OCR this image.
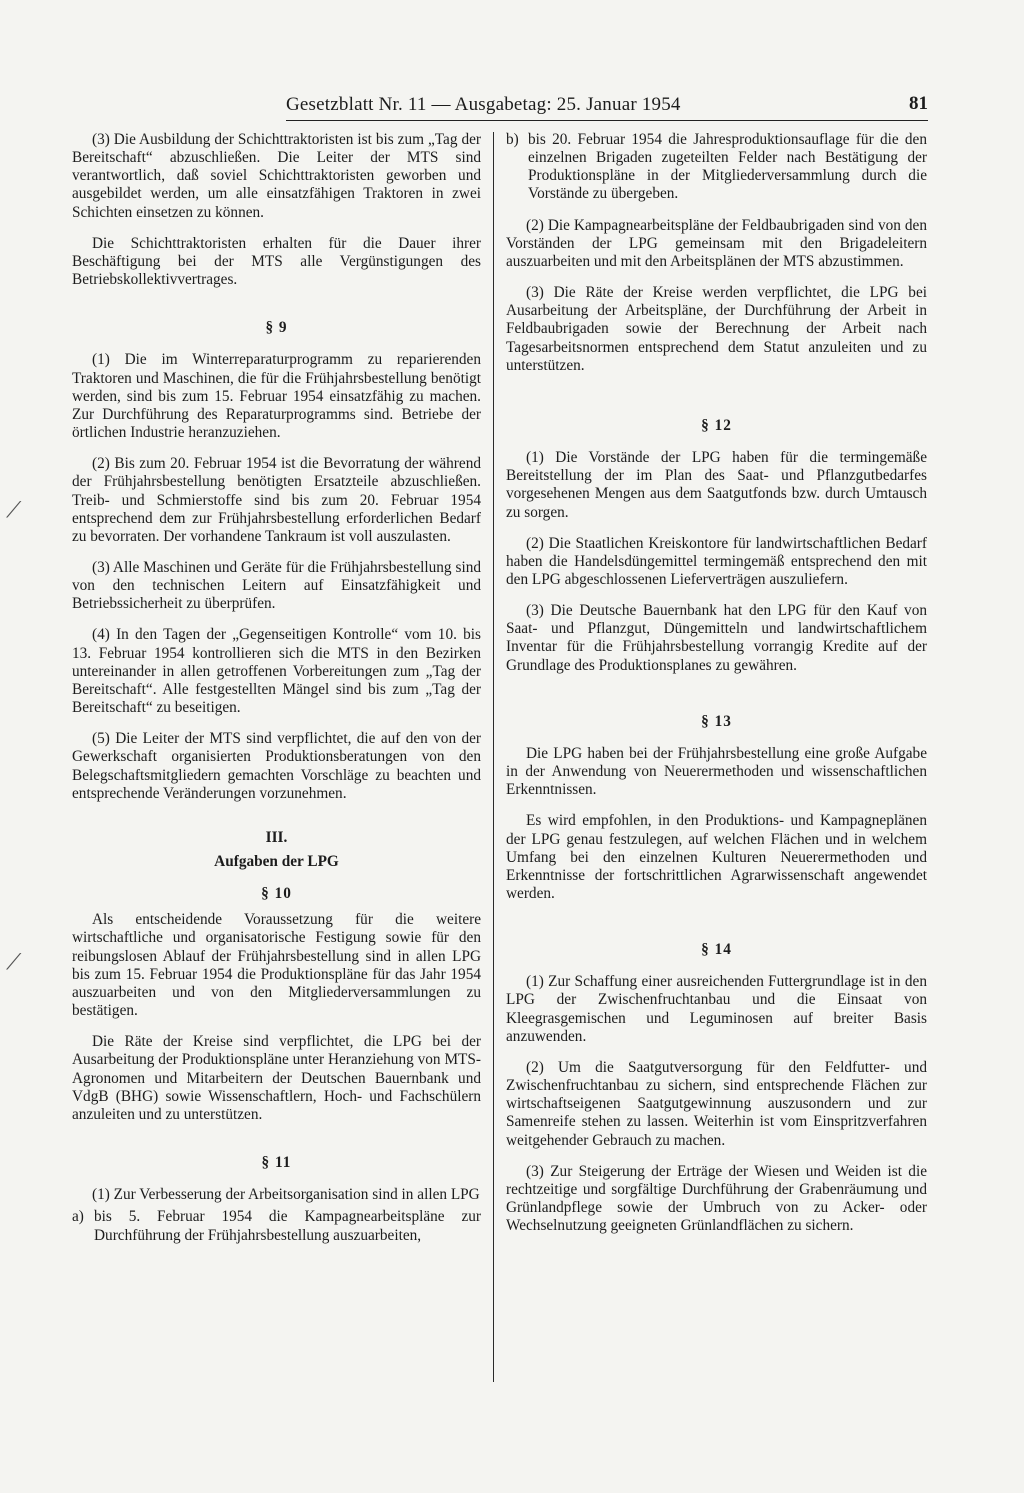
Gesetzblatt Nr. 11 — Ausgabetag: 25. Januar 1954	81
⟋
⟋

(3) Die Ausbildung der Schichttraktoristen ist bis zum „Tag der Bereitschaft“ abzuschließen. Die Leiter der MTS sind verantwortlich, daß soviel Schichttraktoristen geworben und ausgebildet werden, um alle einsatzfähigen Traktoren in zwei Schichten einsetzen zu können.

Die Schichttraktoristen erhalten für die Dauer ihrer Beschäftigung bei der MTS alle Vergünstigungen des Betriebskollektivvertrages.

§ 9

(1) Die im Winterreparaturprogramm zu reparierenden Traktoren und Maschinen, die für die Frühjahrsbestellung benötigt werden, sind bis zum 15. Februar 1954 einsatzfähig zu machen. Zur Durchführung des Reparaturprogramms sind. Betriebe der örtlichen Industrie heranzuziehen.

(2) Bis zum 20. Februar 1954 ist die Bevorratung der während der Frühjahrsbestellung benötigten Ersatzteile abzuschließen. Treib- und Schmierstoffe sind bis zum 20. Februar 1954 entsprechend dem zur Frühjahrsbestellung erforderlichen Bedarf zu bevorraten. Der vorhandene Tankraum ist voll auszulasten.

(3) Alle Maschinen und Geräte für die Frühjahrsbestellung sind von den technischen Leitern auf Einsatzfähigkeit und Betriebssicherheit zu überprüfen.

(4) In den Tagen der „Gegenseitigen Kontrolle“ vom 10. bis 13. Februar 1954 kontrollieren sich die MTS in den Bezirken untereinander in allen getroffenen Vorbereitungen zum „Tag der Bereitschaft“. Alle festgestellten Mängel sind bis zum „Tag der Bereitschaft“ zu beseitigen.

(5) Die Leiter der MTS sind verpflichtet, die auf den von der Gewerkschaft organisierten Produktionsberatungen von den Belegschaftsmitgliedern gemachten Vorschläge zu beachten und entsprechende Veränderungen vorzunehmen.

III.
Aufgaben der LPG
§ 10

Als entscheidende Voraussetzung für die weitere wirtschaftliche und organisatorische Festigung sowie für den reibungslosen Ablauf der Frühjahrsbestellung sind in allen LPG bis zum 15. Februar 1954 die Produktionspläne für das Jahr 1954 auszuarbeiten und von den Mitgliederversammlungen zu bestätigen.

Die Räte der Kreise sind verpflichtet, die LPG bei der Ausarbeitung der Produktionspläne unter Heranziehung von MTS-Agronomen und Mitarbeitern der Deutschen Bauernbank und VdgB (BHG) sowie Wissenschaftlern, Hoch- und Fachschülern anzuleiten und zu unterstützen.

§ 11

(1) Zur Verbesserung der Arbeitsorganisation sind in allen LPG

a) bis 5. Februar 1954 die Kampagnearbeitspläne zur Durchführung der Frühjahrsbestellung auszuarbeiten,
b) bis 20. Februar 1954 die Jahresproduktionsauflage für die den einzelnen Brigaden zugeteilten Felder nach Bestätigung der Produktionspläne in der Mitgliederversammlung durch die Vorstände zu übergeben.

(2) Die Kampagnearbeitspläne der Feldbaubrigaden sind von den Vorständen der LPG gemeinsam mit den Brigadeleitern auszuarbeiten und mit den Arbeitsplänen der MTS abzustimmen.

(3) Die Räte der Kreise werden verpflichtet, die LPG bei Ausarbeitung der Arbeitspläne, der Durchführung der Arbeit in Feldbaubrigaden sowie der Berechnung der Arbeit nach Tagesarbeitsnormen entsprechend dem Statut anzuleiten und zu unterstützen.

§ 12

(1) Die Vorstände der LPG haben für die termingemäße Bereitstellung der im Plan des Saat- und Pflanzgutbedarfes vorgesehenen Mengen aus dem Saatgutfonds bzw. durch Umtausch zu sorgen.

(2) Die Staatlichen Kreiskontore für landwirtschaftlichen Bedarf haben die Handelsdüngemittel termingemäß entsprechend den mit den LPG abgeschlossenen Lieferverträgen auszuliefern.

(3) Die Deutsche Bauernbank hat den LPG für den Kauf von Saat- und Pflanzgut, Düngemitteln und landwirtschaftlichem Inventar für die Frühjahrsbestellung vorrangig Kredite auf der Grundlage des Produktionsplanes zu gewähren.

§ 13

Die LPG haben bei der Frühjahrsbestellung eine große Aufgabe in der Anwendung von Neuerermethoden und wissenschaftlichen Erkenntnissen.

Es wird empfohlen, in den Produktions- und Kampagneplänen der LPG genau festzulegen, auf welchen Flächen und in welchem Umfang bei den einzelnen Kulturen Neuerermethoden und Erkenntnisse der fortschrittlichen Agrarwissenschaft angewendet werden.

§ 14

(1) Zur Schaffung einer ausreichenden Futtergrundlage ist in den LPG der Zwischenfruchtanbau und die Einsaat von Kleegrasgemischen und Leguminosen auf breiter Basis anzuwenden.

(2) Um die Saatgutversorgung für den Feldfutter- und Zwischenfruchtanbau zu sichern, sind entsprechende Flächen zur wirtschaftseigenen Saatgutgewinnung auszusondern und zur Samenreife stehen zu lassen. Weiterhin ist vom Einspritzverfahren weitgehender Gebrauch zu machen.

(3) Zur Steigerung der Erträge der Wiesen und Weiden ist die rechtzeitige und sorgfältige Durchführung der Grabenräumung und Grünlandpflege sowie der Umbruch von zu Acker- oder Wechselnutzung geeigneten Grünlandflächen zu sichern.
